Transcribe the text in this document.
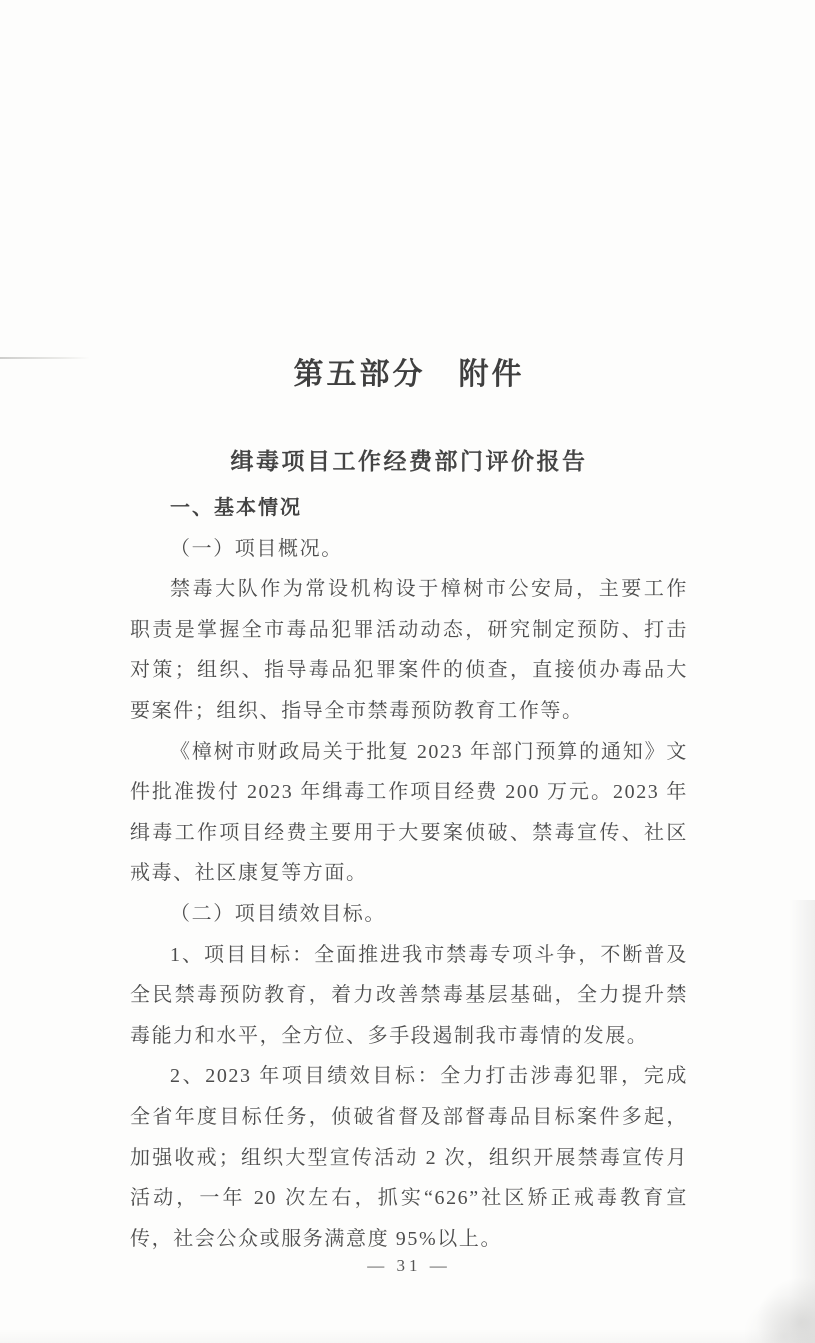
第五部分　附件
缉毒项目工作经费部门评价报告

一、基本情况

（一）项目概况。

禁毒大队作为常设机构设于樟树市公安局，主要工作职责是掌握全市毒品犯罪活动动态，研究制定预防、打击对策；组织、指导毒品犯罪案件的侦查，直接侦办毒品大要案件；组织、指导全市禁毒预防教育工作等。

《樟树市财政局关于批复 2023 年部门预算的通知》文件批准拨付 2023 年缉毒工作项目经费 200 万元。2023 年缉毒工作项目经费主要用于大要案侦破、禁毒宣传、社区戒毒、社区康复等方面。

（二）项目绩效目标。

1、项目目标：全面推进我市禁毒专项斗争，不断普及全民禁毒预防教育，着力改善禁毒基层基础，全力提升禁毒能力和水平，全方位、多手段遏制我市毒情的发展。

2、2023 年项目绩效目标：全力打击涉毒犯罪，完成全省年度目标任务，侦破省督及部督毒品目标案件多起，加强收戒；组织大型宣传活动 2 次，组织开展禁毒宣传月活动，一年 20 次左右，抓实“626”社区矫正戒毒教育宣传，社会公众或服务满意度 95%以上。

— 31 —
